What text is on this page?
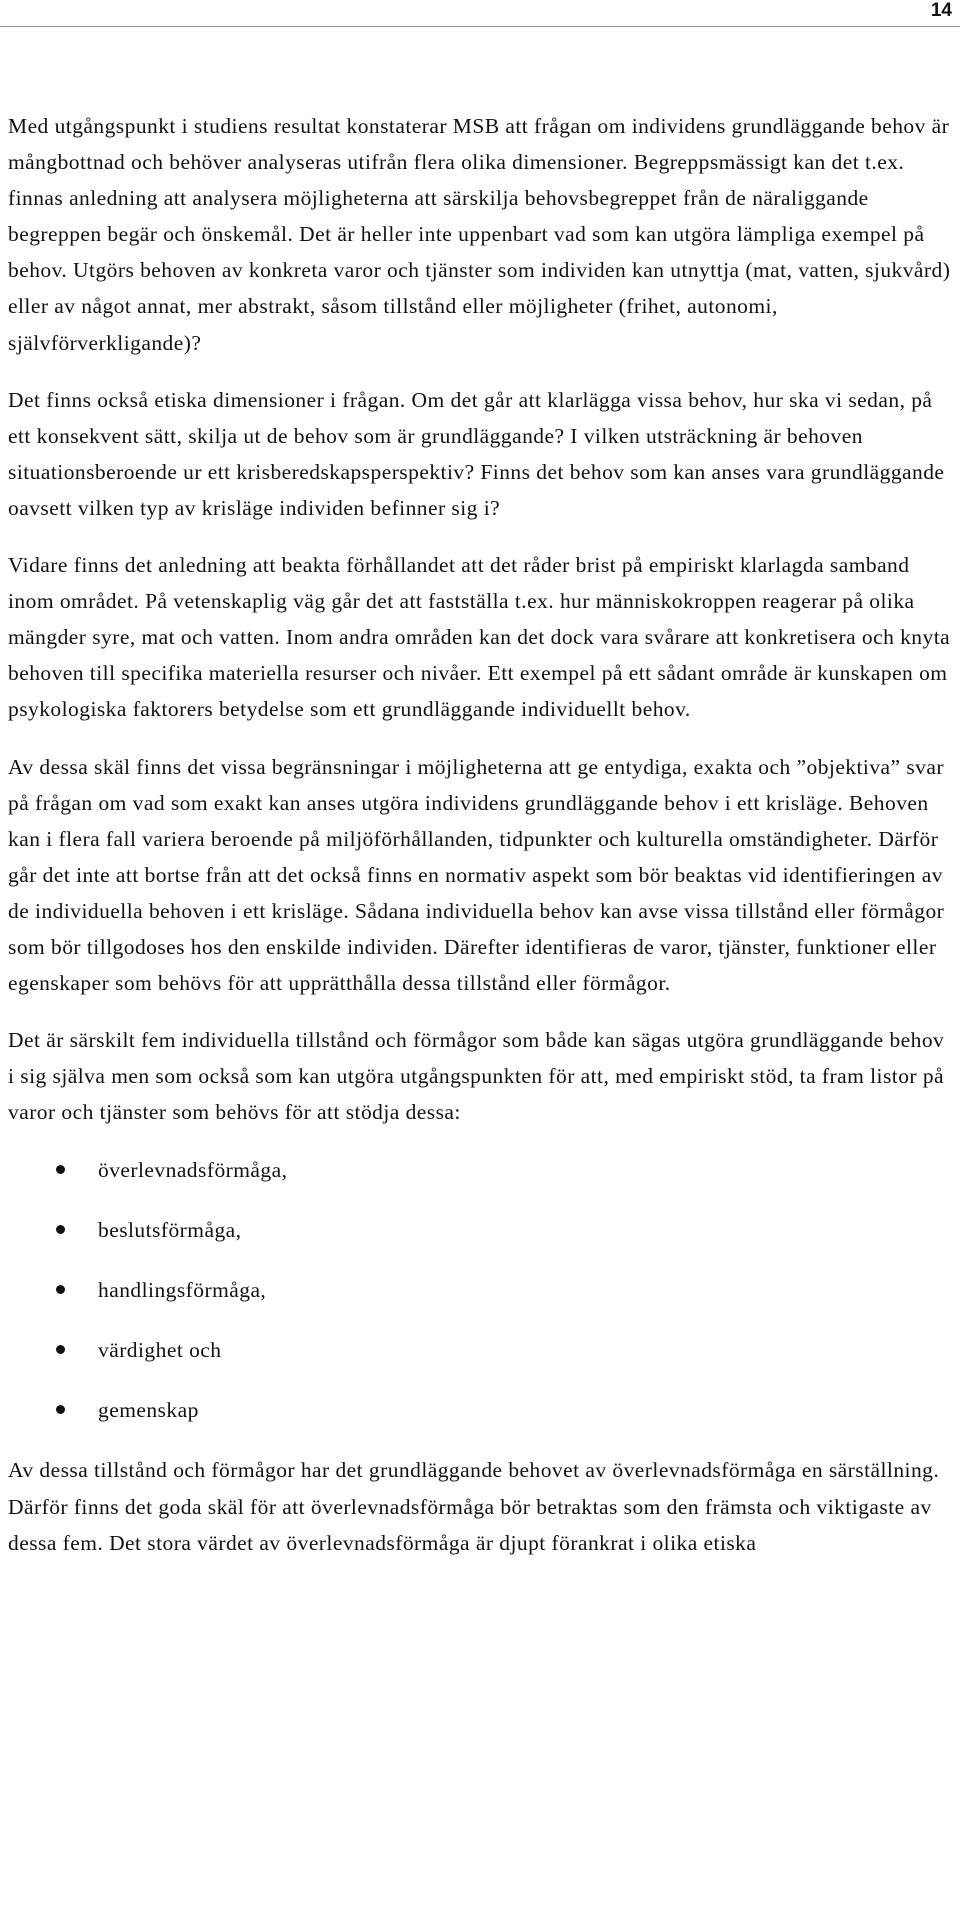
14

Med utgångspunkt i studiens resultat konstaterar MSB att frågan om individens grundläggande behov är mångbottnad och behöver analyseras utifrån flera olika dimensioner. Begreppsmässigt kan det t.ex. finnas anledning att analysera möjligheterna att särskilja behovsbegreppet från de näraliggande begreppen begär och önskemål. Det är heller inte uppenbart vad som kan utgöra lämpliga exempel på behov. Utgörs behoven av konkreta varor och tjänster som individen kan utnyttja (mat, vatten, sjukvård) eller av något annat, mer abstrakt, såsom tillstånd eller möjligheter (frihet, autonomi, självförverkligande)?

Det finns också etiska dimensioner i frågan. Om det går att klarlägga vissa behov, hur ska vi sedan, på ett konsekvent sätt, skilja ut de behov som är grundläggande? I vilken utsträckning är behoven situationsberoende ur ett krisberedskapsperspektiv? Finns det behov som kan anses vara grundläggande oavsett vilken typ av krisläge individen befinner sig i?

Vidare finns det anledning att beakta förhållandet att det råder brist på empiriskt klarlagda samband inom området. På vetenskaplig väg går det att fastställa t.ex. hur människokroppen reagerar på olika mängder syre, mat och vatten. Inom andra områden kan det dock vara svårare att konkretisera och knyta behoven till specifika materiella resurser och nivåer. Ett exempel på ett sådant område är kunskapen om psykologiska faktorers betydelse som ett grundläggande individuellt behov.

Av dessa skäl finns det vissa begränsningar i möjligheterna att ge entydiga, exakta och ”objektiva” svar på frågan om vad som exakt kan anses utgöra individens grundläggande behov i ett krisläge. Behoven kan i flera fall variera beroende på miljöförhållanden, tidpunkter och kulturella omständigheter. Därför går det inte att bortse från att det också finns en normativ aspekt som bör beaktas vid identifieringen av de individuella behoven i ett krisläge. Sådana individuella behov kan avse vissa tillstånd eller förmågor som bör tillgodoses hos den enskilde individen. Därefter identifieras de varor, tjänster, funktioner eller egenskaper som behövs för att upprätthålla dessa tillstånd eller förmågor.

Det är särskilt fem individuella tillstånd och förmågor som både kan sägas utgöra grundläggande behov i sig själva men som också som kan utgöra utgångspunkten för att, med empiriskt stöd, ta fram listor på varor och tjänster som behövs för att stödja dessa:

överlevnadsförmåga,
beslutsförmåga,
handlingsförmåga,
värdighet och
gemenskap

Av dessa tillstånd och förmågor har det grundläggande behovet av överlevnadsförmåga en särställning. Därför finns det goda skäl för att överlevnadsförmåga bör betraktas som den främsta och viktigaste av dessa fem. Det stora värdet av överlevnadsförmåga är djupt förankrat i olika etiska
